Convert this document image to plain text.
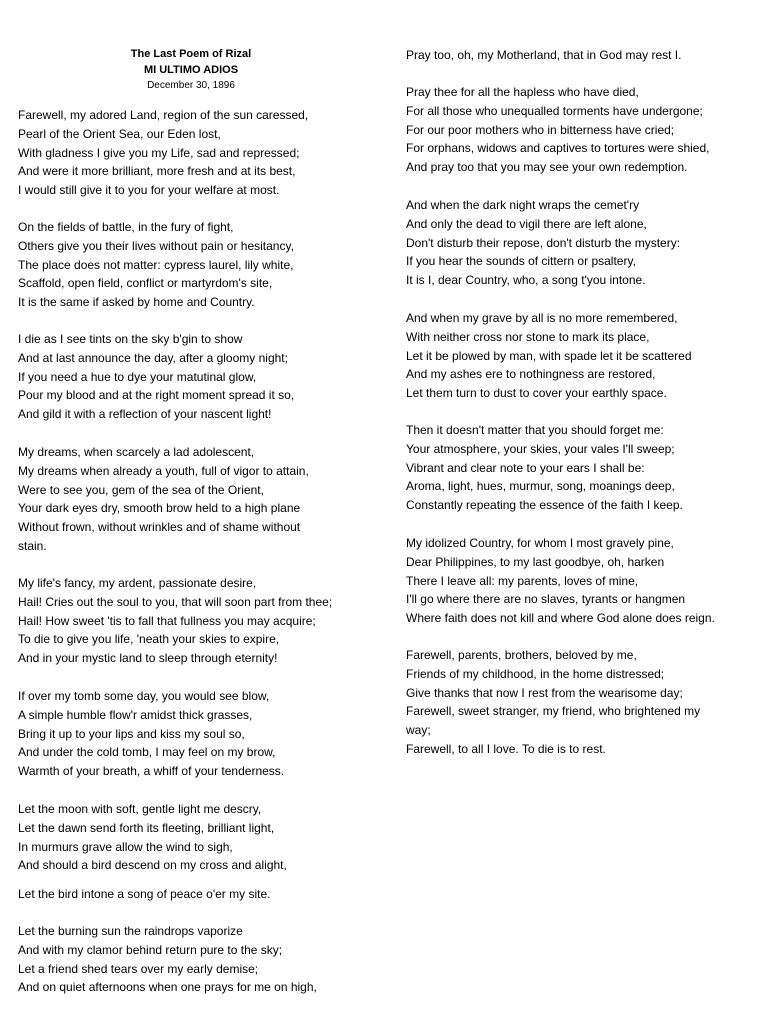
The Last Poem of Rizal
MI ULTIMO ADIOS
December 30, 1896
Farewell, my adored Land, region of the sun caressed,
Pearl of the Orient Sea, our Eden lost,
With gladness I give you my Life, sad and repressed;
And were it more brilliant, more fresh and at its best,
I would still give it to you for your welfare at most.
On the fields of battle, in the fury of fight,
Others give you their lives without pain or hesitancy,
The place does not matter: cypress laurel, lily white,
Scaffold, open field, conflict or martyrdom's site,
It is the same if asked by home and Country.
I die as I see tints on the sky b'gin to show
And at last announce the day, after a gloomy night;
If you need a hue to dye your matutinal glow,
Pour my blood and at the right moment spread it so,
And gild it with a reflection of your nascent light!
My dreams, when scarcely a lad adolescent,
My dreams when already a youth, full of vigor to attain,
Were to see you, gem of the sea of the Orient,
Your dark eyes dry, smooth brow held to a high plane
Without frown, without wrinkles and of shame without
stain.
My life's fancy, my ardent, passionate desire,
Hail! Cries out the soul to you, that will soon part from thee;
Hail! How sweet 'tis to fall that fullness you may acquire;
To die to give you life, 'neath your skies to expire,
And in your mystic land to sleep through eternity!
If over my tomb some day, you would see blow,
A simple humble flow'r amidst thick grasses,
Bring it up to your lips and kiss my soul so,
And under the cold tomb, I may feel on my brow,
Warmth of your breath, a whiff of your tenderness.
Let the moon with soft, gentle light me descry,
Let the dawn send forth its fleeting, brilliant light,
In murmurs grave allow the wind to sigh,
And should a bird descend on my cross and alight,
Let the bird intone a song of peace o'er my site.
Let the burning sun the raindrops vaporize
And with my clamor behind return pure to the sky;
Let a friend shed tears over my early demise;
And on quiet afternoons when one prays for me on high,
Pray too, oh, my Motherland, that in God may rest I.
Pray thee for all the hapless who have died,
For all those who unequalled torments have undergone;
For our poor mothers who in bitterness have cried;
For orphans, widows and captives to tortures were shied,
And pray too that you may see your own redemption.
And when the dark night wraps the cemet'ry
And only the dead to vigil there are left alone,
Don't disturb their repose, don't disturb the mystery:
If you hear the sounds of cittern or psaltery,
It is I, dear Country, who, a song t'you intone.
And when my grave by all is no more remembered,
With neither cross nor stone to mark its place,
Let it be plowed by man, with spade let it be scattered
And my ashes ere to nothingness are restored,
Let them turn to dust to cover your earthly space.
Then it doesn't matter that you should forget me:
Your atmosphere, your skies, your vales I'll sweep;
Vibrant and clear note to your ears I shall be:
Aroma, light, hues, murmur, song, moanings deep,
Constantly repeating the essence of the faith I keep.
My idolized Country, for whom I most gravely pine,
Dear Philippines, to my last goodbye, oh, harken
There I leave all: my parents, loves of mine,
I'll go where there are no slaves, tyrants or hangmen
Where faith does not kill and where God alone does reign.
Farewell, parents, brothers, beloved by me,
Friends of my childhood, in the home distressed;
Give thanks that now I rest from the wearisome day;
Farewell, sweet stranger, my friend, who brightened my
way;
Farewell, to all I love. To die is to rest.
